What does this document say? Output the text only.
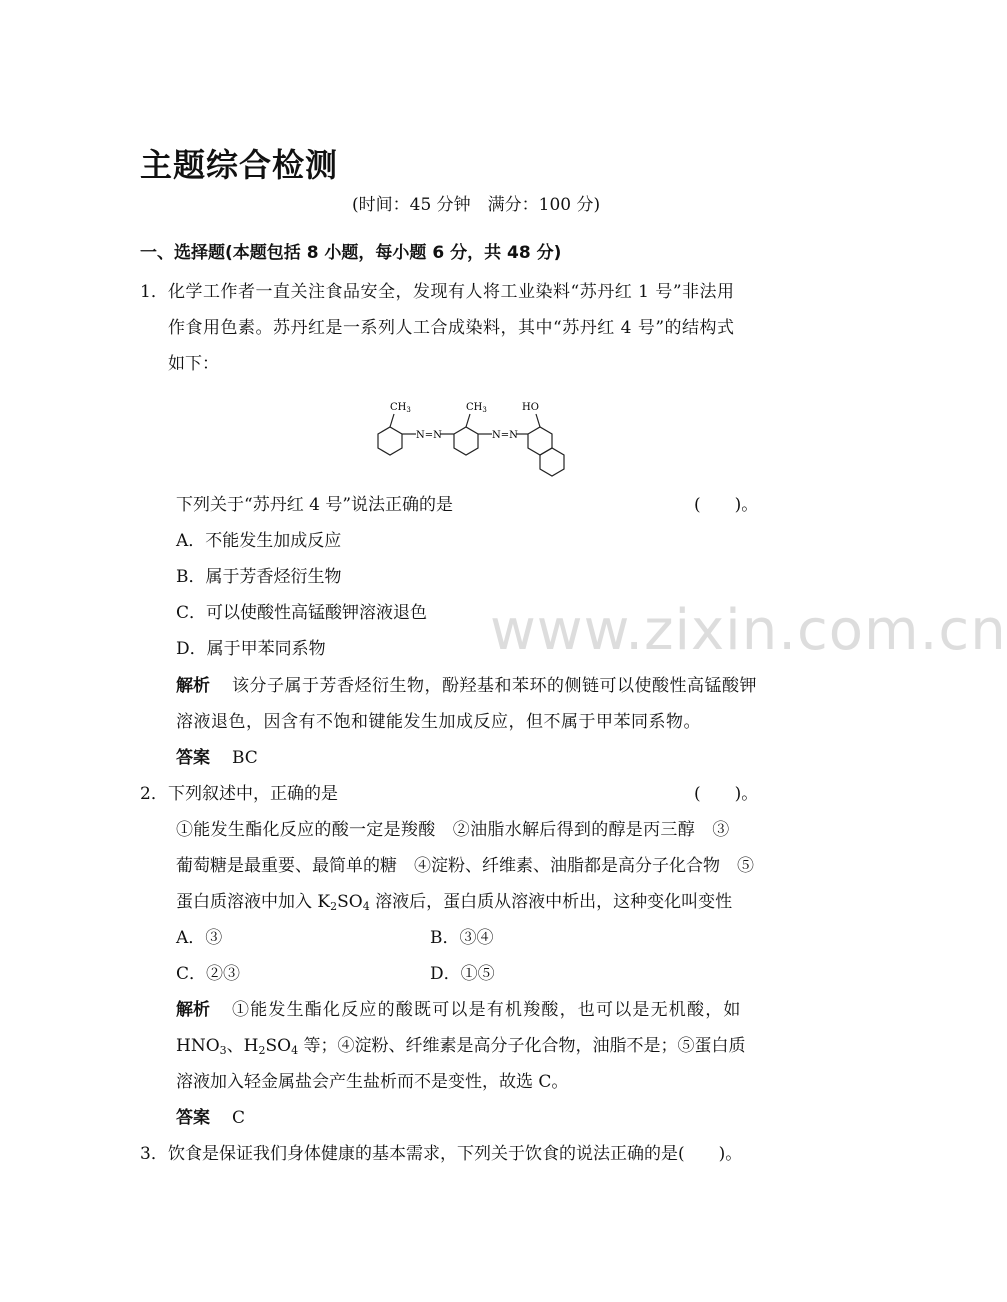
主题综合检测
(时间：45 分钟　满分：100 分)
一、选择题(本题包括 8 小题，每小题 6 分，共 48 分)
1． 化学工作者一直关注食品安全，发现有人将工业染料“苏丹红 1 号”非法用
作食用色素。苏丹红是一系列人工合成染料，其中“苏丹红 4 号”的结构式
如下：
$CH_3$	$CH_3$	HO
N=N	N=N
下列关于“苏丹红 4 号”说法正确的是	(　　)。
A．不能发生加成反应
B．属于芳香烃衍生物
C．可以使酸性高锰酸钾溶液退色
D．属于甲苯同系物	www.zixin.com.cn
解析 该分子属于芳香烃衍生物，酚羟基和苯环的侧链可以使酸性高锰酸钾
溶液退色，因含有不饱和键能发生加成反应，但不属于甲苯同系物。
答案 BC
2． 下列叙述中，正确的是	(　　)。
①能发生酯化反应的酸一定是羧酸　②油脂水解后得到的醇是丙三醇　③
葡萄糖是最重要、最简单的糖　④淀粉、纤维素、油脂都是高分子化合物　⑤
蛋白质溶液中加入 $K_2SO_4$ 溶液后，蛋白质从溶液中析出，这种变化叫变性
A．③	B．③④
C．②③	D．①⑤
解析 ①能发生酯化反应的酸既可以是有机羧酸，也可以是无机酸，如
$HNO_3$、$H_2SO_4$ 等；④淀粉、纤维素是高分子化合物，油脂不是；⑤蛋白质
溶液加入轻金属盐会产生盐析而不是变性，故选 C。
答案 C
3． 饮食是保证我们身体健康的基本需求，下列关于饮食的说法正确的是(　　)。
